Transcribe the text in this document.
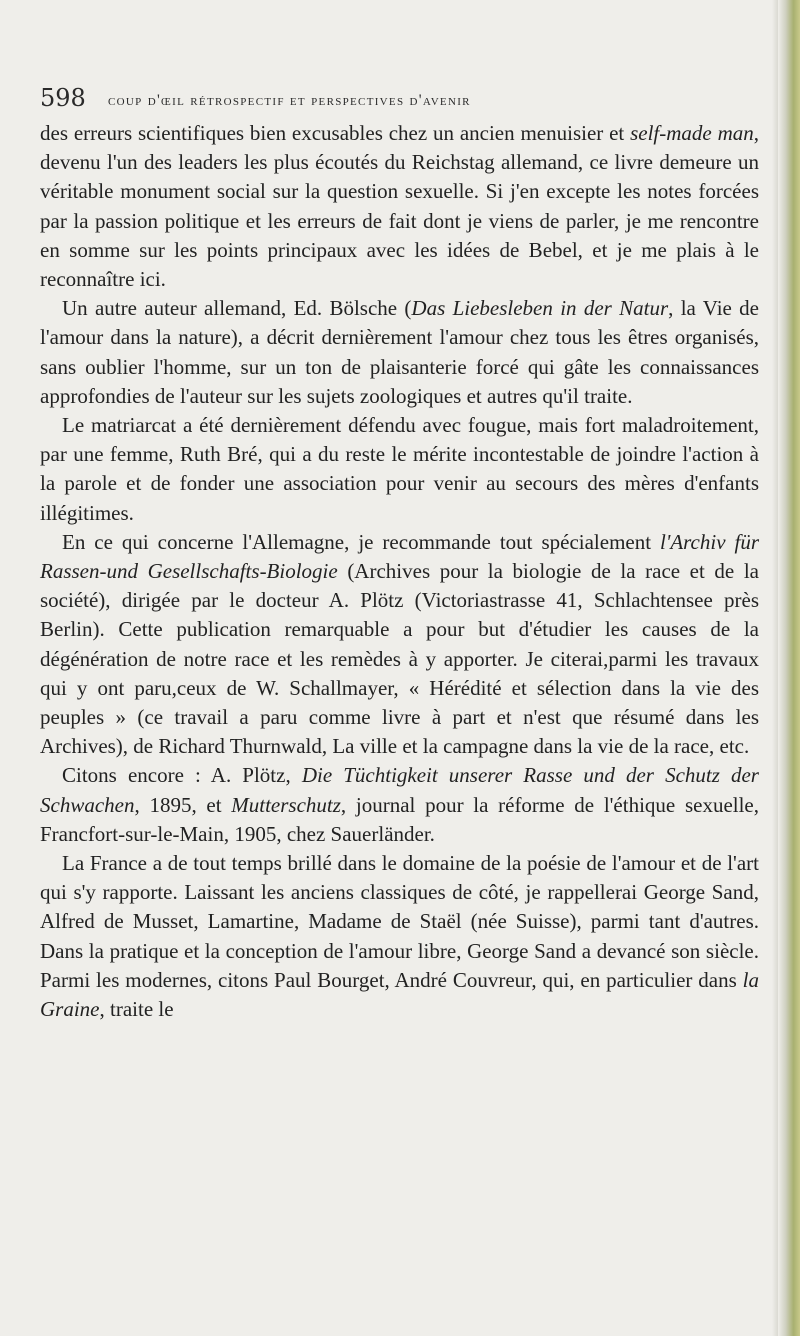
598 coup d'œil rétrospectif et perspectives d'avenir

des erreurs scientifiques bien excusables chez un ancien menuisier et self-made man, devenu l'un des leaders les plus écoutés du Reichstag allemand, ce livre demeure un véritable monument social sur la question sexuelle. Si j'en excepte les notes forcées par la passion politique et les erreurs de fait dont je viens de parler, je me rencontre en somme sur les points principaux avec les idées de Bebel, et je me plais à le reconnaître ici.

Un autre auteur allemand, Ed. Bölsche (Das Liebesleben in der Natur, la Vie de l'amour dans la nature), a décrit dernièrement l'amour chez tous les êtres organisés, sans oublier l'homme, sur un ton de plaisanterie forcé qui gâte les connaissances approfondies de l'auteur sur les sujets zoologiques et autres qu'il traite.

Le matriarcat a été dernièrement défendu avec fougue, mais fort maladroitement, par une femme, Ruth Bré, qui a du reste le mérite incontestable de joindre l'action à la parole et de fonder une association pour venir au secours des mères d'enfants illégitimes.

En ce qui concerne l'Allemagne, je recommande tout spécialement l'Archiv für Rassen-und Gesellschafts-Biologie (Archives pour la biologie de la race et de la société), dirigée par le docteur A. Plötz (Victoriastrasse 41, Schlachtensee près Berlin). Cette publication remarquable a pour but d'étudier les causes de la dégénération de notre race et les remèdes à y apporter. Je citerai,parmi les travaux qui y ont paru,ceux de W. Schallmayer, « Hérédité et sélection dans la vie des peuples » (ce travail a paru comme livre à part et n'est que résumé dans les Archives), de Richard Thurnwald, La ville et la campagne dans la vie de la race, etc.

Citons encore : A. Plötz, Die Tüchtigkeit unserer Rasse und der Schutz der Schwachen, 1895, et Mutterschutz, journal pour la réforme de l'éthique sexuelle, Francfort-sur-le-Main, 1905, chez Sauerländer.

La France a de tout temps brillé dans le domaine de la poésie de l'amour et de l'art qui s'y rapporte. Laissant les anciens classiques de côté, je rappellerai George Sand, Alfred de Musset, Lamartine, Madame de Staël (née Suisse), parmi tant d'autres. Dans la pratique et la conception de l'amour libre, George Sand a devancé son siècle. Parmi les modernes, citons Paul Bourget, André Couvreur, qui, en particulier dans la Graine, traite le
